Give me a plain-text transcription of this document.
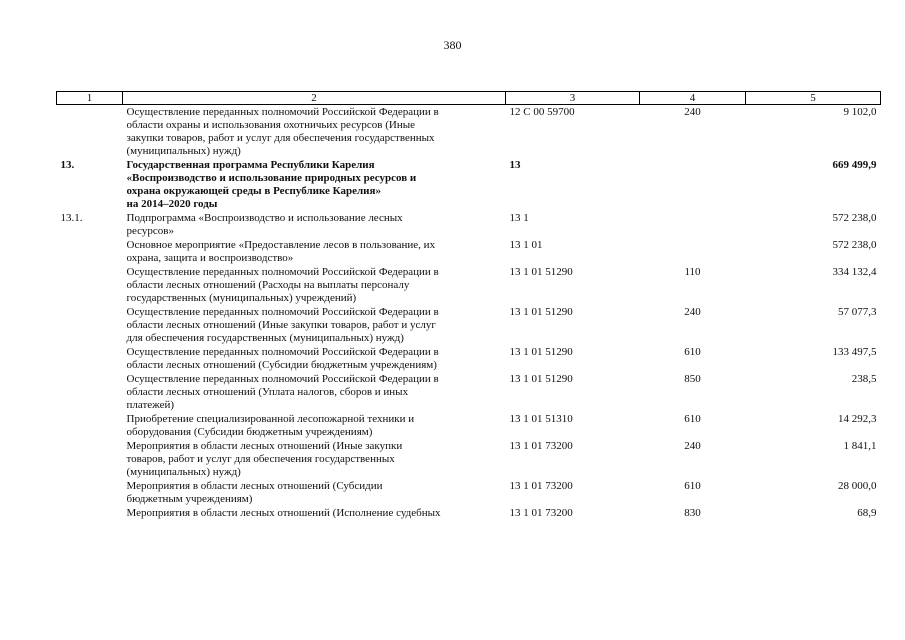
380
1	2	3	4	5

	Осуществление переданных полномочий Российской Федерации в
области охраны и использования охотничьих ресурсов (Иные
закупки товаров, работ и услуг для обеспечения государственных
(муниципальных) нужд)	12 С 00 59700	240	9 102,0
13.	Государственная программа Республики Карелия
«Воспроизводство и использование природных ресурсов и
охрана окружающей среды в Республике Карелия»
на 2014–2020 годы	13		669 499,9
13.1.	Подпрограмма «Воспроизводство и использование лесных
ресурсов»	13 1		572 238,0

	Основное мероприятие «Предоставление лесов в пользование, их
охрана, защита и воспроизводство»	13 1 01		572 238,0

	Осуществление переданных полномочий Российской Федерации в
области лесных отношений (Расходы на выплаты персоналу
государственных (муниципальных) учреждений)	13 1 01 51290	110	334 132,4

	Осуществление переданных полномочий Российской Федерации в
области лесных отношений (Иные закупки товаров, работ и услуг
для обеспечения государственных (муниципальных) нужд)	13 1 01 51290	240	57 077,3

	Осуществление переданных полномочий Российской Федерации в
области лесных отношений (Субсидии бюджетным учреждениям)	13 1 01 51290	610	133 497,5

	Осуществление переданных полномочий Российской Федерации в
области лесных отношений (Уплата налогов, сборов и иных
платежей)	13 1 01 51290	850	238,5

	Приобретение специализированной лесопожарной техники и
оборудования (Субсидии бюджетным учреждениям)	13 1 01 51310	610	14 292,3

	Мероприятия в области лесных отношений (Иные закупки
товаров, работ и услуг для обеспечения государственных
(муниципальных) нужд)	13 1 01 73200	240	1 841,1

	Мероприятия в области лесных отношений (Субсидии
бюджетным учреждениям)	13 1 01 73200	610	28 000,0

	Мероприятия в области лесных отношений (Исполнение судебных	13 1 01 73200	830	68,9
